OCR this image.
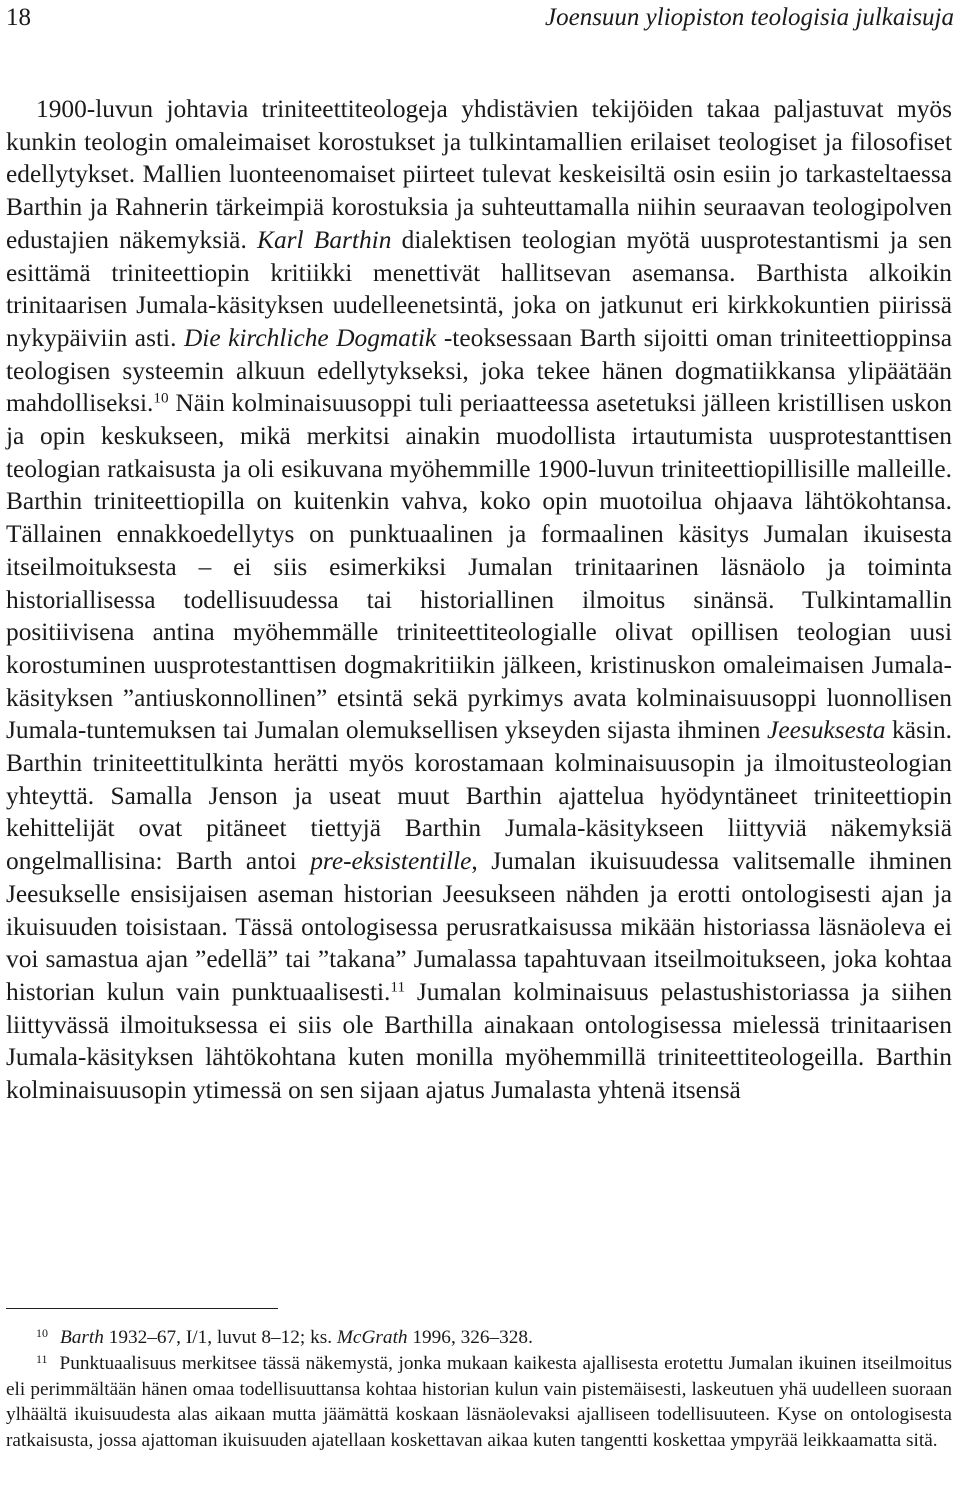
18	Joensuun yliopiston teologisia julkaisuja

1900-luvun johtavia triniteettiteologeja yhdistävien tekijöiden takaa paljastuvat myös kunkin teologin omaleimaiset korostukset ja tulkintamallien erilaiset teologiset ja filosofiset edellytykset. Mallien luonteenomaiset piirteet tulevat keskeisiltä osin esiin jo tarkasteltaessa Barthin ja Rahnerin tärkeimpiä korostuksia ja suhteuttamalla niihin seuraavan teologipolven edustajien näkemyksiä. Karl Barthin dialektisen teologian myötä uusprotestantismi ja sen esittämä triniteettiopin kritiikki menettivät hallitsevan asemansa. Barthista alkoikin trinitaarisen Jumala-käsityksen uudelleenetsintä, joka on jatkunut eri kirkkokuntien piirissä nykypäiviin asti. Die kirchliche Dogmatik -teoksessaan Barth sijoitti oman triniteettioppinsa teologisen systeemin alkuun edellytykseksi, joka tekee hänen dogmatiikkansa ylipäätään mahdolliseksi.$^{10}$ Näin kolminaisuusoppi tuli periaatteessa asetetuksi jälleen kristillisen uskon ja opin keskukseen, mikä merkitsi ainakin muodollista irtautumista uusprotestanttisen teologian ratkaisusta ja oli esikuvana myöhemmille 1900-luvun triniteettiopillisille malleille. Barthin triniteettiopilla on kuitenkin vahva, koko opin muotoilua ohjaava lähtökohtansa. Tällainen ennakkoedellytys on punktuaalinen ja formaalinen käsitys Jumalan ikuisesta itseilmoituksesta – ei siis esimerkiksi Jumalan trinitaarinen läsnäolo ja toiminta historiallisessa todellisuudessa tai historiallinen ilmoitus sinänsä. Tulkintamallin positiivisena antina myöhemmälle triniteettiteologialle olivat opillisen teologian uusi korostuminen uusprotestanttisen dogmakritiikin jälkeen, kristinuskon omaleimaisen Jumala-käsityksen ”antiuskonnollinen” etsintä sekä pyrkimys avata kolminaisuusoppi luonnollisen Jumala-tuntemuksen tai Jumalan olemuksellisen ykseyden sijasta ihminen Jeesuksesta käsin. Barthin triniteettitulkinta herätti myös korostamaan kolminaisuusopin ja ilmoitusteologian yhteyttä. Samalla Jenson ja useat muut Barthin ajattelua hyödyntäneet triniteettiopin kehittelijät ovat pitäneet tiettyjä Barthin Jumala-käsitykseen liittyviä näkemyksiä ongelmallisina: Barth antoi pre-eksistentille, Jumalan ikuisuudessa valitsemalle ihminen Jeesukselle ensisijaisen aseman historian Jeesukseen nähden ja erotti ontologisesti ajan ja ikuisuuden toisistaan. Tässä ontologisessa perusratkaisussa mikään historiassa läsnäoleva ei voi samastua ajan ”edellä” tai ”takana” Jumalassa tapahtuvaan itseilmoitukseen, joka kohtaa historian kulun vain punktuaalisesti.$^{11}$ Jumalan kolminaisuus pelastushistoriassa ja siihen liittyvässä ilmoituksessa ei siis ole Barthilla ainakaan ontologisessa mielessä trinitaarisen Jumala-käsityksen lähtökohtana kuten monilla myöhemmillä triniteettiteologeilla. Barthin kolminaisuusopin ytimessä on sen sijaan ajatus Jumalasta yhtenä itsensä

$^{10}$ Barth 1932–67, I/1, luvut 8–12; ks. McGrath 1996, 326–328.

$^{11}$ Punktuaalisuus merkitsee tässä näkemystä, jonka mukaan kaikesta ajallisesta erotettu Jumalan ikuinen itseilmoitus eli perimmältään hänen omaa todellisuuttansa kohtaa historian kulun vain pistemäisesti, laskeutuen yhä uudelleen suoraan ylhäältä ikuisuudesta alas aikaan mutta jäämättä koskaan läsnäolevaksi ajalliseen todellisuuteen. Kyse on ontologisesta ratkaisusta, jossa ajattoman ikuisuuden ajatellaan koskettavan aikaa kuten tangentti koskettaa ympyrää leikkaamatta sitä.
